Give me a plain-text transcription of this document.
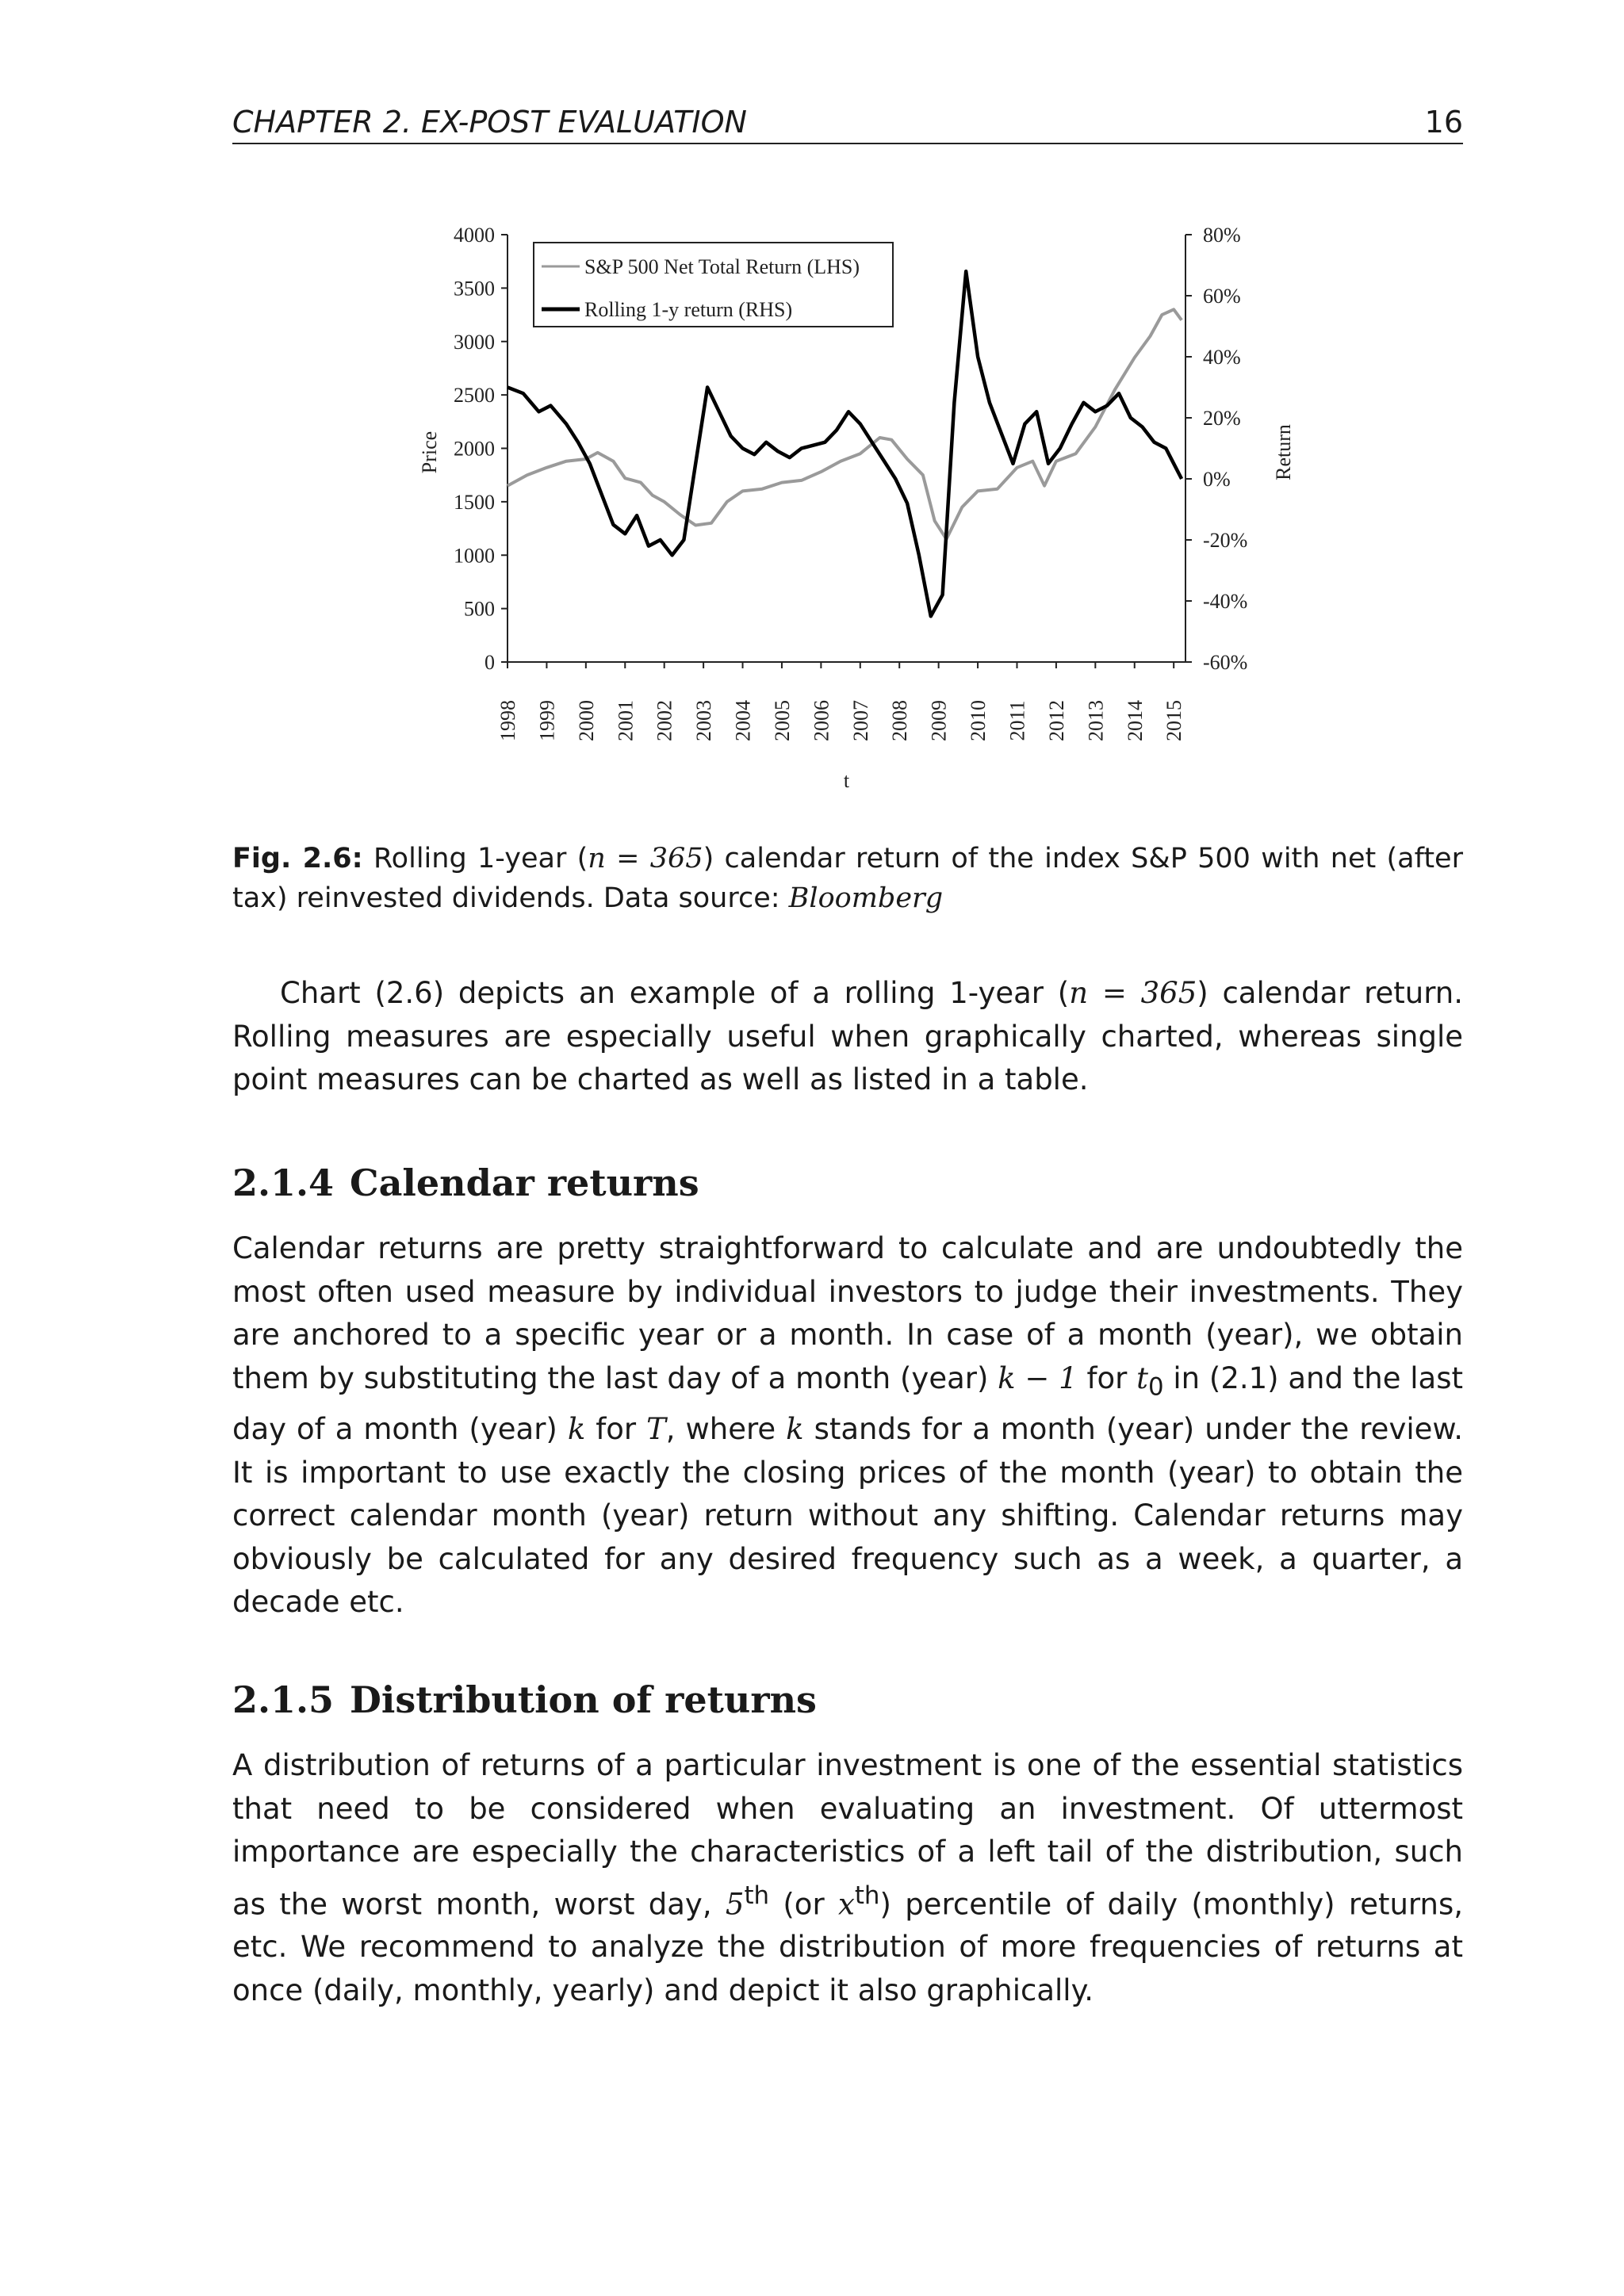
CHAPTER 2. EX-POST EVALUATION	16
0
500
1000
1500
2000
2500
3000
3500
4000
-60%
-40%
-20%
0%
20%
40%
60%
80%
1998 1999 2000 2001 2002 2003 2004 2005 2006 2007 2008 2009 2010 2011 2012 2013 2014 2015
Price	Return
t
S&P 500 Net Total Return (LHS)
Rolling 1-y return (RHS)
Fig. 2.6: Rolling 1-year (n = 365) calendar return of the index S&P 500 with net (after tax) reinvested dividends. Data source: Bloomberg

Chart (2.6) depicts an example of a rolling 1-year (n = 365) calendar return. Rolling measures are especially useful when graphically charted, whereas single point measures can be charted as well as listed in a table.

2.1.4 Calendar returns

Calendar returns are pretty straightforward to calculate and are undoubtedly the most often used measure by individual investors to judge their investments. They are anchored to a specific year or a month. In case of a month (year), we obtain them by substituting the last day of a month (year) k − 1 for $t_0$ in (2.1) and the last day of a month (year) k for T, where k stands for a month (year) under the review. It is important to use exactly the closing prices of the month (year) to obtain the correct calendar month (year) return without any shifting. Calendar returns may obviously be calculated for any desired frequency such as a week, a quarter, a decade etc.

2.1.5 Distribution of returns

A distribution of returns of a particular investment is one of the essential statistics that need to be considered when evaluating an investment. Of uttermost importance are especially the characteristics of a left tail of the distribution, such as the worst month, worst day, 5th (or $x^{th}$) percentile of daily (monthly) returns, etc. We recommend to analyze the distribution of more frequencies of returns at once (daily, monthly, yearly) and depict it also graphically.
